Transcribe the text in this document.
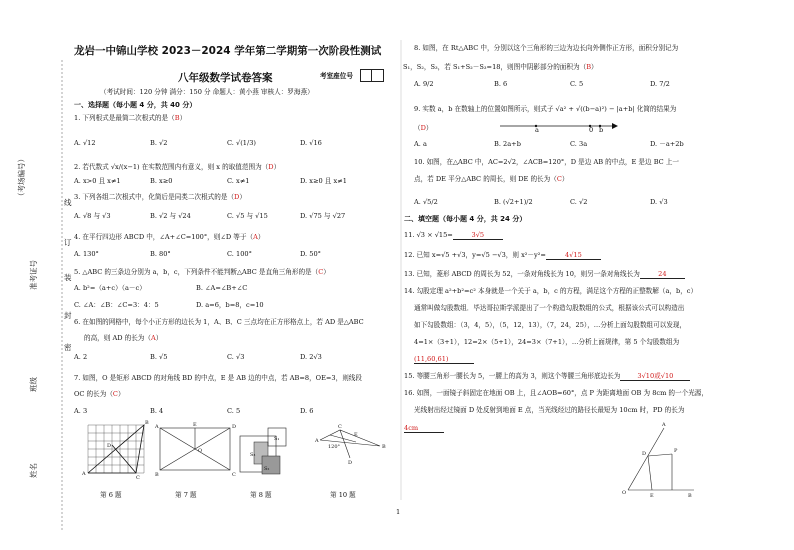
（考场编号）
准考证号
班级
姓名
线
订
装
封
密
龙岩一中锦山学校 2023－2024 学年第二学期第一次阶段性测试
八年级数学试卷答案	考室座位号
（考试时间：120 分钟 满分：150 分 命题人：黄小燕 审核人：罗海燕）
一、选择题（每小题 4 分，共 40 分）
1. 下列根式是最简二次根式的是（B）
A. √12	B. √2	C. √(1/3)	D. √16
2. 若代数式 √x/(x−1) 在实数范围内有意义，则 x 的取值范围为（D）
A. x>0 且 x≠1	B. x≥0	C. x≠1	D. x≥0 且 x≠1
3. 下列各组二次根式中，化简后是同类二次根式的是（D）
A. √8 与 √3	B. √2 与 √24	C. √5 与 √15	D. √75 与 √27
4. 在平行四边形 ABCD 中，∠A+∠C=100°，则∠D 等于（A）
A. 130°	B. 80°	C. 100°	D. 50°
5. △ABC 的三条边分别为 a，b，c，下列条件不能判断△ABC 是直角三角形的是（C）
A. b²=（a+c）（a－c）	B. ∠A=∠B+∠C
C. ∠A：∠B：∠C=3：4：5	D. a=6，b=8，c=10
6. 在如图的网格中，每个小正方形的边长为 1，A、B、C 三点均在正方形格点上，若 AD 是△ABC
的高，则 AD 的长为（A）
A. 2	B. √5	C. √3	D. 2√3
7. 如图，O 是矩形 ABCD 的对角线 BD 的中点，E 是 AB 边的中点，若 AB=8，OE=3，则线段
OC 的长为（C）
A. 3	B. 4	C. 5	D. 6
A
B
C
D
A	D
B	C
E
O
S₁
S₃
S₂
A
C
B
D
E
120°
第 6 题	第 7 题	第 8 题	第 10 题
8. 如图，在 Rt△ABC 中，分别以这个三角形的三边为边长向外侧作正方形，面积分别记为
S₁，S₂，S₃，若 S₁+S₂－S₃=18，则图中阴影部分的面积为（B）
A. 9/2	B. 6	C. 5	D. 7/2
9. 实数 a，b 在数轴上的位置如图所示，则式子 √a² + √((b−a)²) − |a+b| 化简的结果为
（D）	a	0 b
A. a	B. 2a+b	C. 3a	D. －a+2b
10. 如图，在△ABC 中，AC=2√2，∠ACB=120°，D 是边 AB 的中点，E 是边 BC 上一
点，若 DE 平分△ABC 的周长，则 DE 的长为（C）
A. √5/2	B. (√2+1)/2	C. √2	D. √3
二、填空题（每小题 4 分，共 24 分）
11. √3 × √15=	3√5
12. 已知 x=√5 +√3，y=√5 −√3，则 x²－y²=	4√15
13. 已知，菱形 ABCD 的周长为 52，一条对角线长为 10，则另一条对角线长为	24
14. 勾股定理 a²+b²=c² 本身就是一个关于 a，b，c 的方程，满足这个方程的正整数解（a，b，c）
通常叫做勾股数组．毕达哥拉斯学派提出了一个构造勾股数组的公式，根据该公式可以构造出
如下勾股数组：（3，4，5），（5，12，13），（7，24，25），…分析上面勾股数组可以发现，
4=1×（3+1），12=2×（5+1），24=3×（7+1），…分析上面规律，第 5 个勾股数组为
(11,60,61)
15. 等腰三角形一腰长为 5，一腰上的高为 3，则这个等腰三角形底边长为	3√10或√10
16. 如图，一面镜子斜固定在地面 OB 上，且∠AOB=60°，点 P 为距离地面 OB 为 8cm 的一个光源，
光线射出经过镜面 D 处反射到地面 E 点，当光线经过的路径长最短为 10cm 时，PD 的长为
4cm	A
P
D
O	E	B
1
